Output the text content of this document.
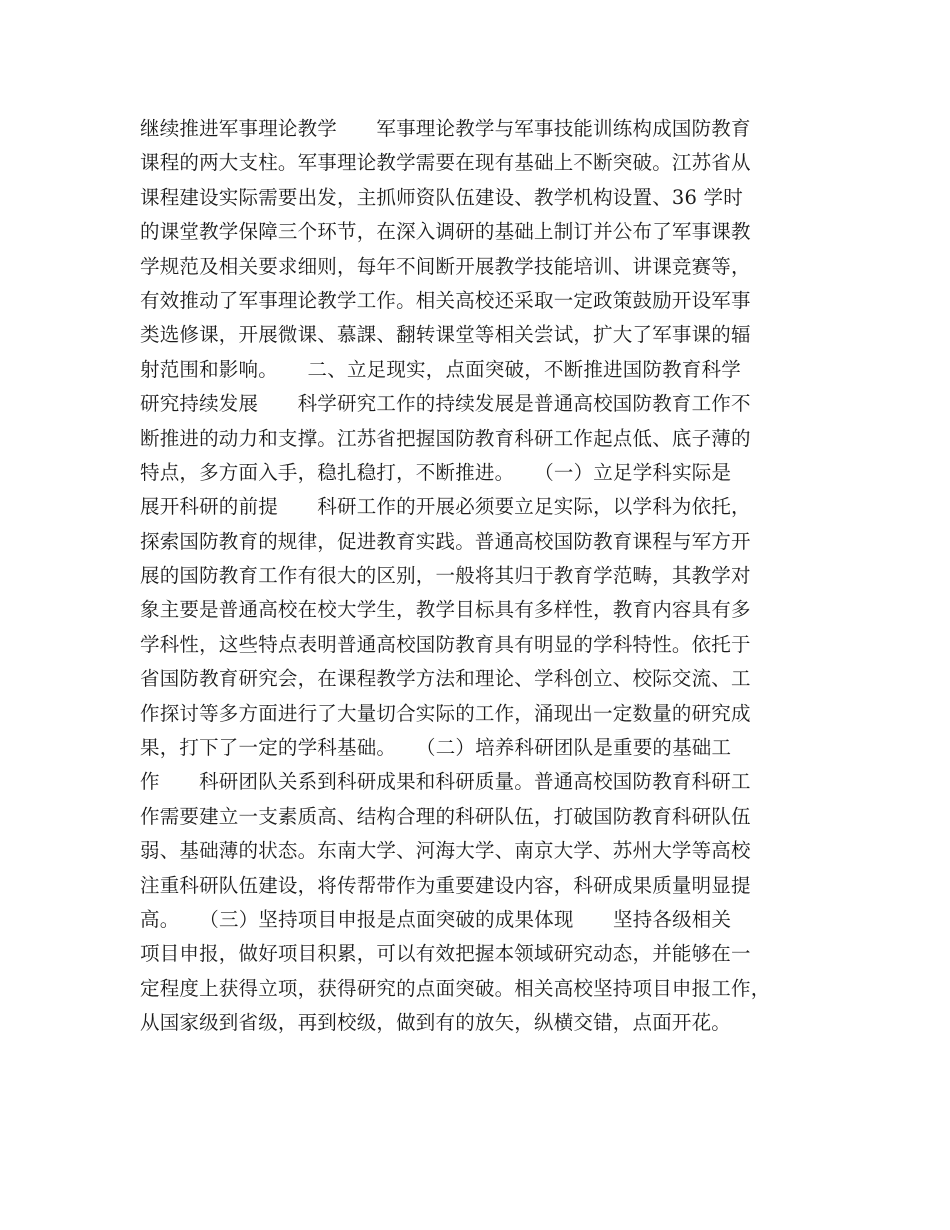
继续推进军事理论教学　　军事理论教学与军事技能训练构成国防教育
课程的两大支柱。军事理论教学需要在现有基础上不断突破。江苏省从
课程建设实际需要出发，主抓师资队伍建设、教学机构设置、36 学时
的课堂教学保障三个环节，在深入调研的基础上制订并公布了军事课教
学规范及相关要求细则，每年不间断开展教学技能培训、讲课竞赛等，
有效推动了军事理论教学工作。相关高校还采取一定政策鼓励开设军事
类选修课，开展微课、慕課、翻转课堂等相关尝试，扩大了军事课的辐
射范围和影响。　　二、立足现实，点面突破，不断推进国防教育科学
研究持续发展　　科学研究工作的持续发展是普通高校国防教育工作不
断推进的动力和支撑。江苏省把握国防教育科研工作起点低、底子薄的
特点，多方面入手，稳扎稳打，不断推进。　　（一）立足学科实际是
展开科研的前提　　科研工作的开展必须要立足实际，以学科为依托，
探索国防教育的规律，促进教育实践。普通高校国防教育课程与军方开
展的国防教育工作有很大的区别，一般将其归于教育学范畴，其教学对
象主要是普通高校在校大学生，教学目标具有多样性，教育内容具有多
学科性，这些特点表明普通高校国防教育具有明显的学科特性。依托于
省国防教育研究会，在课程教学方法和理论、学科创立、校际交流、工
作探讨等多方面进行了大量切合实际的工作，涌现出一定数量的研究成
果，打下了一定的学科基础。　　（二）培养科研团队是重要的基础工
作　　科研团队关系到科研成果和科研质量。普通高校国防教育科研工
作需要建立一支素质高、结构合理的科研队伍，打破国防教育科研队伍
弱、基础薄的状态。东南大学、河海大学、南京大学、苏州大学等高校
注重科研队伍建设，将传帮带作为重要建设内容，科研成果质量明显提
高。　　（三）坚持项目申报是点面突破的成果体现　　坚持各级相关
项目申报，做好项目积累，可以有效把握本领域研究动态，并能够在一
定程度上获得立项，获得研究的点面突破。相关高校坚持项目申报工作，
从国家级到省级，再到校级，做到有的放矢，纵横交错，点面开花。
